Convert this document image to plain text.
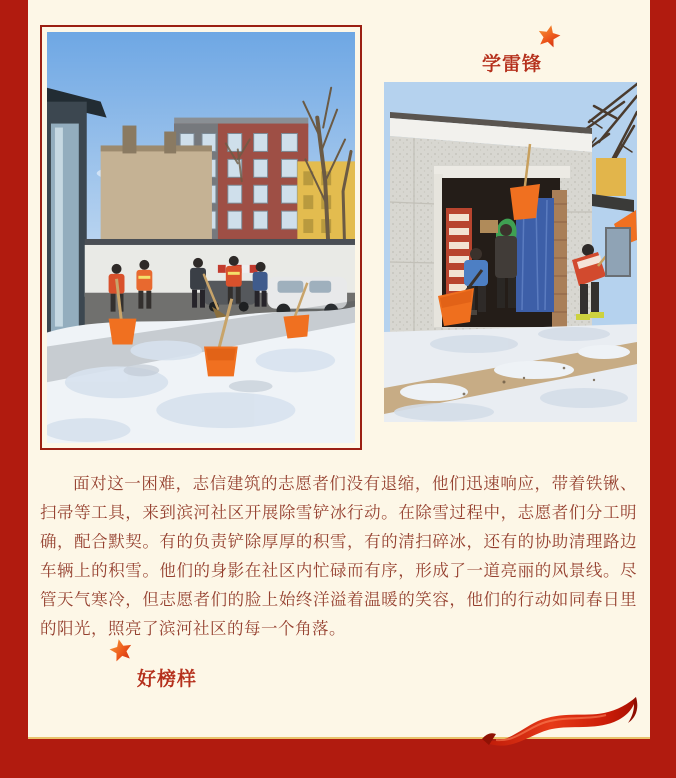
学雷锋

面对这一困难，志信建筑的志愿者们没有退缩，他们迅速响应，带着铁锹、扫帚等工具，来到滨河社区开展除雪铲冰行动。在除雪过程中，志愿者们分工明确，配合默契。有的负责铲除厚厚的积雪，有的清扫碎冰，还有的协助清理路边车辆上的积雪。他们的身影在社区内忙碌而有序，形成了一道亮丽的风景线。尽管天气寒冷，但志愿者们的脸上始终洋溢着温暖的笑容，他们的行动如同春日里的阳光，照亮了滨河社区的每一个角落。

好榜样
